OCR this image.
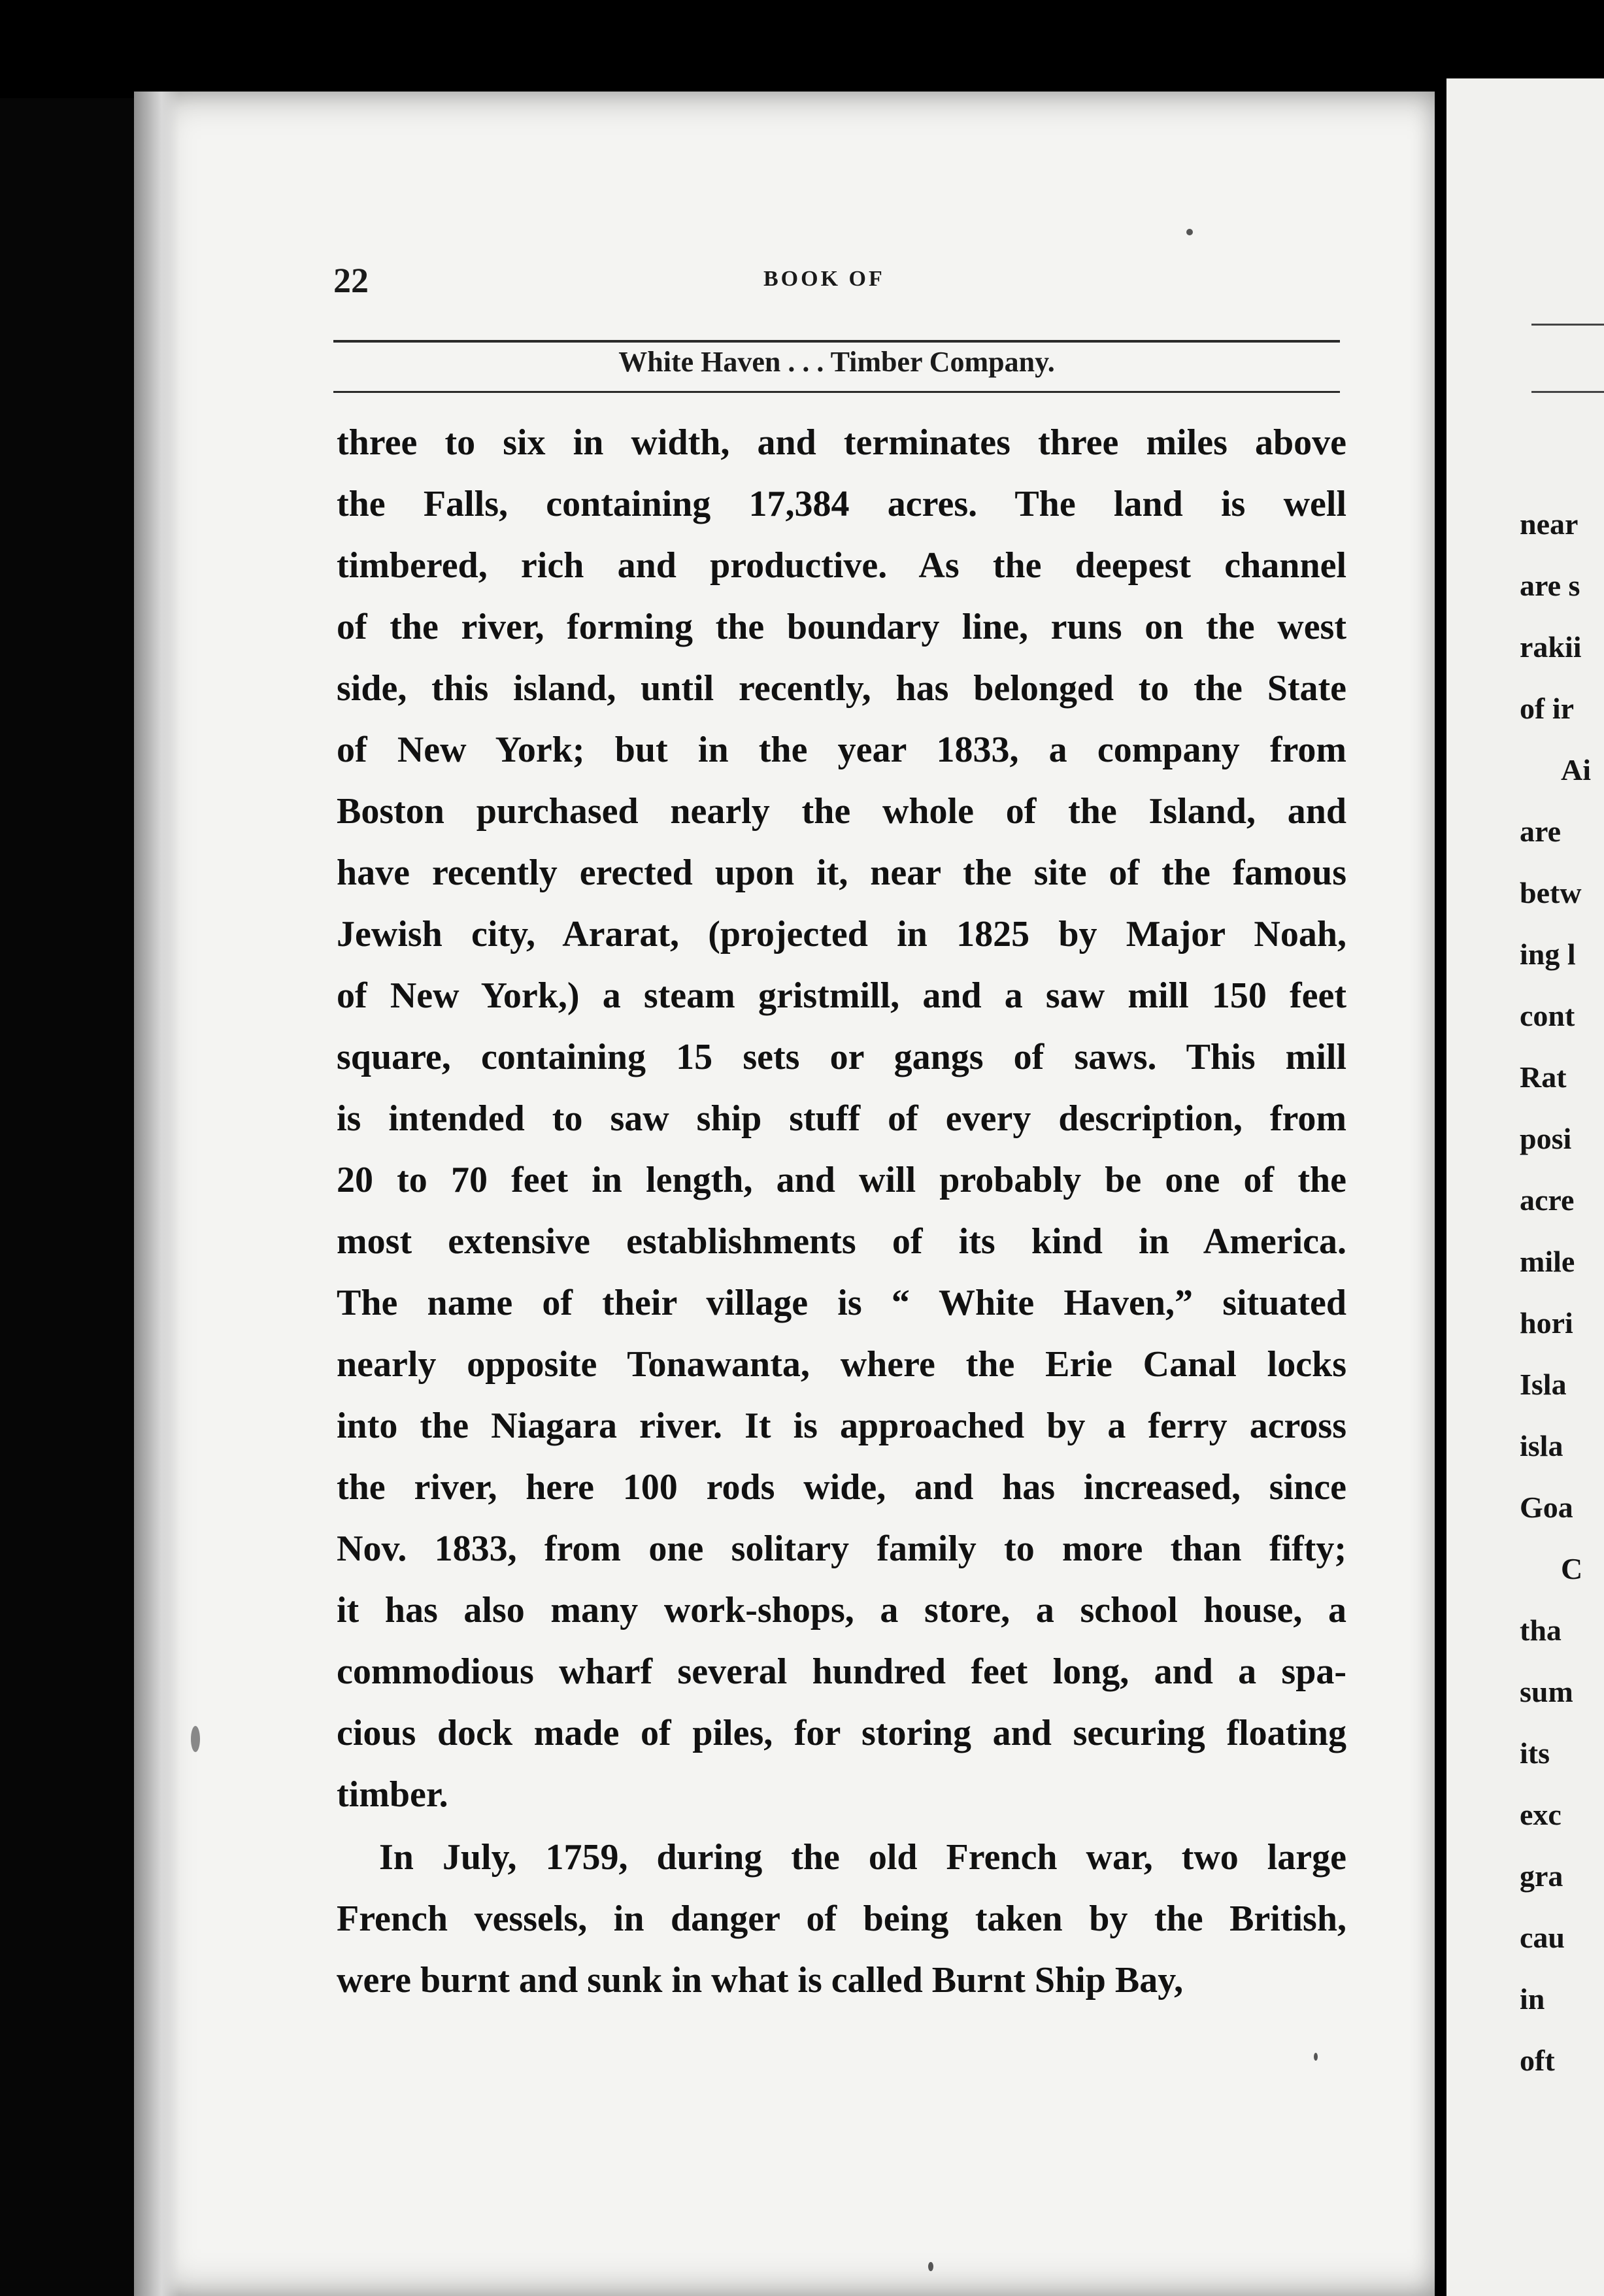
near
are s
rakii
of ir
Ai
are
betw
ing l
cont
Rat
posi
acre
mile
hori
Isla
isla
Goa
C
tha
sum
its
exc
gra
cau
in
oft
22	BOOK OF
White Haven . . . Timber Company.
three to six in width, and terminates three miles above
the Falls, containing 17,384 acres. The land is well
timbered, rich and productive. As the deepest channel
of the river, forming the boundary line, runs on the west
side, this island, until recently, has belonged to the State
of New York; but in the year 1833, a company from
Boston purchased nearly the whole of the Island, and
have recently erected upon it, near the site of the famous
Jewish city, Ararat, (projected in 1825 by Major Noah,
of New York,) a steam gristmill, and a saw mill 150 feet
square, containing 15 sets or gangs of saws. This mill
is intended to saw ship stuff of every description, from
20 to 70 feet in length, and will probably be one of the
most extensive establishments of its kind in America.
The name of their village is “ White Haven,” situated
nearly opposite Tonawanta, where the Erie Canal locks
into the Niagara river. It is approached by a ferry across
the river, here 100 rods wide, and has increased, since
Nov. 1833, from one solitary family to more than fifty;
it has also many work-shops, a store, a school house, a
commodious wharf several hundred feet long, and a spa-
cious dock made of piles, for storing and securing floating
timber.
In July, 1759, during the old French war, two large
French vessels, in danger of being taken by the British,
were burnt and sunk in what is called Burnt Ship Bay,
